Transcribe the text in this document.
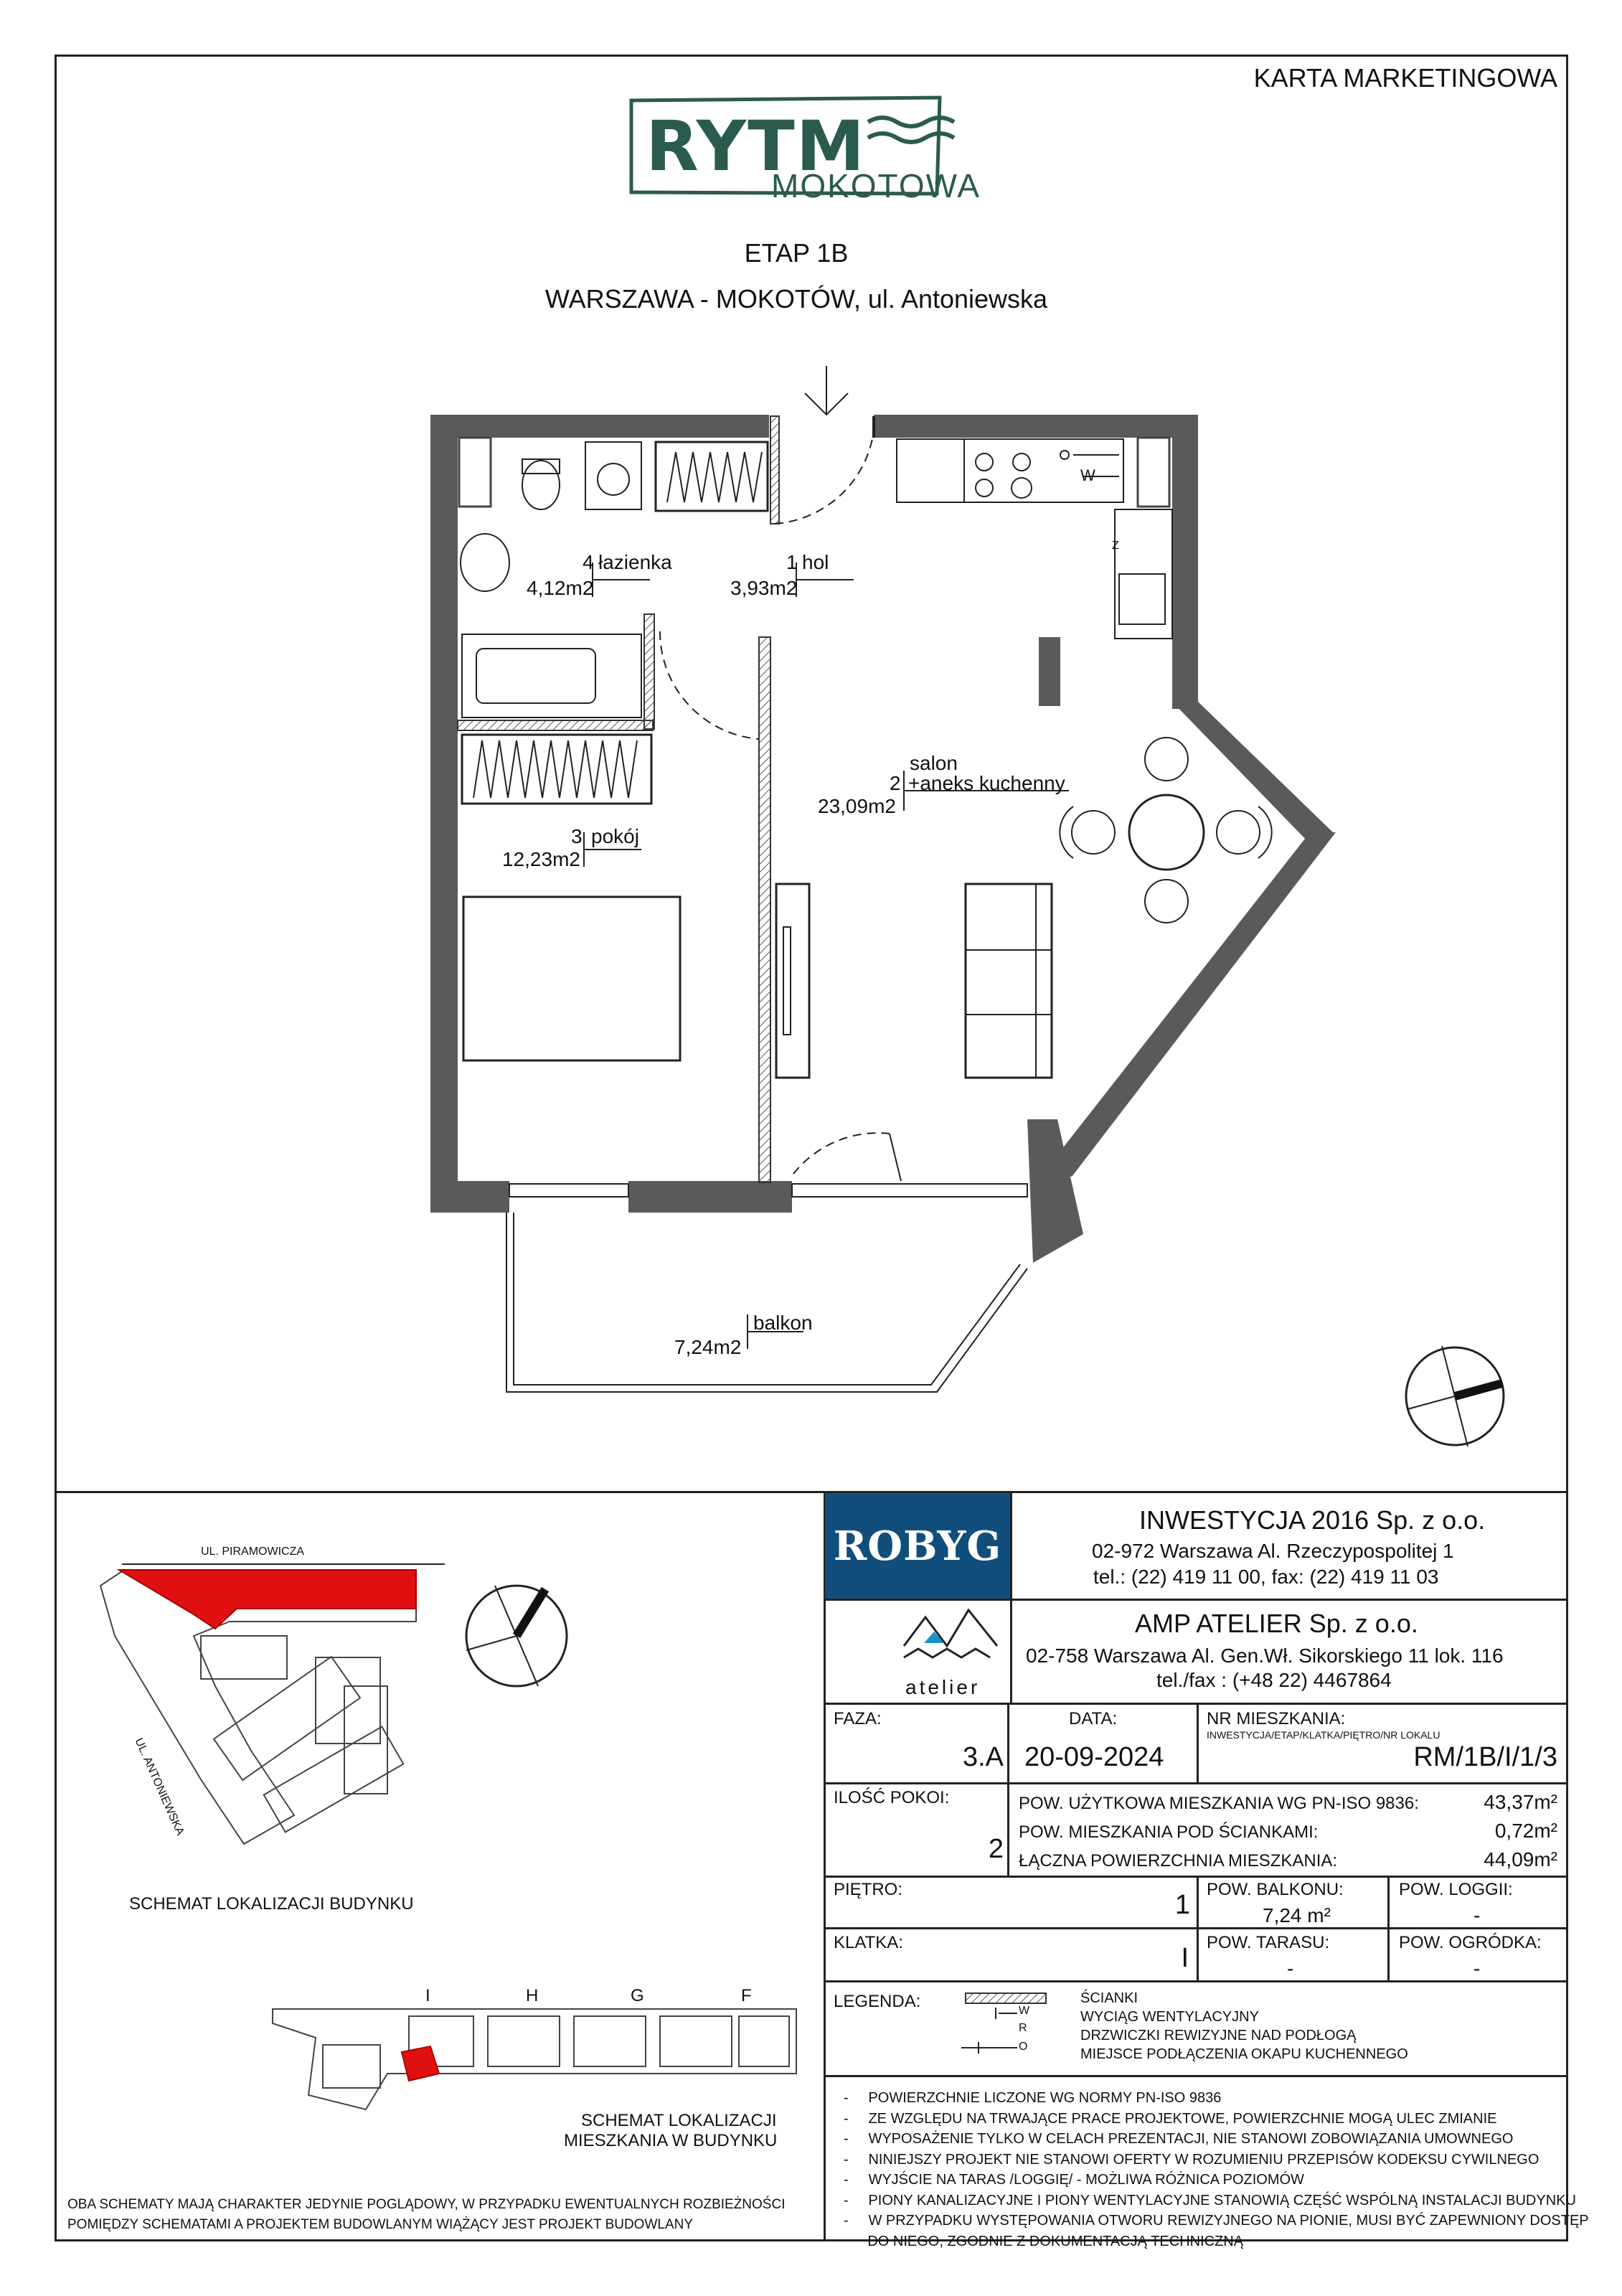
KARTA MARKETINGOWA
RYTM
MOKOTOWA
ETAP 1B
WARSZAWA - MOKOTÓW, ul. Antoniewska
4 łazienka
4,12m2
1 hol
3,93m2
salon
2 +aneks kuchenny
23,09m2
3 pokój
12,23m2
balkon
7,24m2
W
Z
UL. PIRAMOWICZA
UL. ANTONIEWSKA
SCHEMAT LOKALIZACJI BUDYNKU
I	H	G	F
SCHEMAT LOKALIZACJI
MIESZKANIA W BUDYNKU
OBA SCHEMATY MAJĄ CHARAKTER JEDYNIE POGLĄDOWY, W PRZYPADKU EWENTUALNYCH ROZBIEŻNOŚCI
POMIĘDZY SCHEMATAMI A PROJEKTEM BUDOWLANYM WIĄŻĄCY JEST PROJEKT BUDOWLANY
ROBYG
INWESTYCJA 2016 Sp. z o.o.
02-972 Warszawa Al. Rzeczypospolitej 1
tel.: (22) 419 11 00, fax: (22) 419 11 03
atelier
AMP ATELIER Sp. z o.o.
02-758 Warszawa Al. Gen.Wł. Sikorskiego 11 lok. 116
tel./fax : (+48 22) 4467864
FAZA:
3.A
DATA:
20-09-2024
NR MIESZKANIA:
INWESTYCJA/ETAP/KLATKA/PIĘTRO/NR LOKALU
RM/1B/I/1/3
ILOŚĆ POKOI:
2
POW. UŻYTKOWA MIESZKANIA WG PN-ISO 9836:	43,37m²
POW. MIESZKANIA POD ŚCIANKAMI:	0,72m²
ŁĄCZNA POWIERZCHNIA MIESZKANIA:	44,09m²
PIĘTRO:
1
POW. BALKONU:
7,24 m²
POW. LOGGII:
-
KLATKA:
I
POW. TARASU:
-
POW. OGRÓDKA:
-
LEGENDA:	W
R
O
ŚCIANKI
WYCIĄG WENTYLACYJNY
DRZWICZKI REWIZYJNE NAD PODŁOGĄ
MIEJSCE PODŁĄCZENIA OKAPU KUCHENNEGO
-     POWIERZCHNIE LICZONE WG NORMY PN-ISO 9836
-     ZE WZGLĘDU NA TRWAJĄCE PRACE PROJEKTOWE, POWIERZCHNIE MOGĄ ULEC ZMIANIE
-     WYPOSAŻENIE TYLKO W CELACH PREZENTACJI, NIE STANOWI ZOBOWIĄZANIA UMOWNEGO
-     NINIEJSZY PROJEKT NIE STANOWI OFERTY W ROZUMIENIU PRZEPISÓW KODEKSU CYWILNEGO
-     WYJŚCIE NA TARAS /LOGGIĘ/ - MOŻLIWA RÓŻNICA POZIOMÓW
-     PIONY KANALIZACYJNE I PIONY WENTYLACYJNE STANOWIĄ CZĘŚĆ WSPÓLNĄ INSTALACJI BUDYNKU
-     W PRZYPADKU WYSTĘPOWANIA OTWORU REWIZYJNEGO NA PIONIE, MUSI BYĆ ZAPEWNIONY DOSTĘP
DO NIEGO, ZGODNIE Z DOKUMENTACJĄ TECHNICZNĄ
